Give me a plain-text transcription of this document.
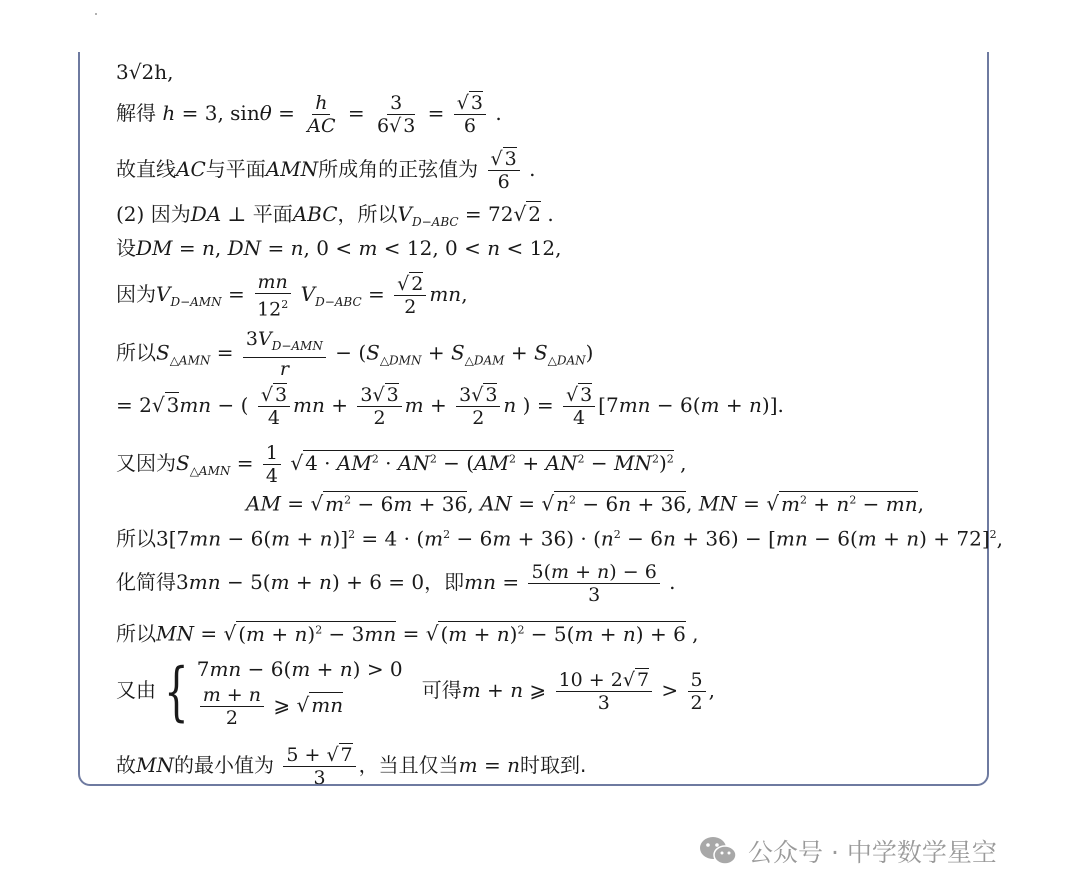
3√2h,
解得 h = 3, $\sin\theta = \frac{h}{AC} = \frac{3}{6√ 3} = \frac{√ 3}{6}$ .
故直线AC与平面AMN所成角的正弦值为 $\frac{√ 3}{6}$ .
(2) 因为DA ⊥ 平面ABC，所以$V_{D-ABC} = 72√$ 2 .
设DM = n, DN = n, 0 < m < 12, 0 < n < 12,
因为$V_{D-AMN} = \frac{mn}{12^2} V_{D-ABC} = \frac{√ 2}{2}$ mn,
所以$S_{\triangle AMN} = \frac{3V_{D-AMN}}{r} - (S_{\triangle DMN} + S_{\triangle DAM} + S_{\triangle DAN})$
= 2√ 3mn − ( $\frac{√ 3}{4}$ mn + $\frac{3√ 3}{2}$ $m + \frac{3√ 3}{2}$ n ) = $\frac{√ 3}{4} [7mn - 6(m + n)]$.
又因为$S_{\triangle AMN} = \frac{1}{4}$ √ $4 \cdot AM^2 \cdot AN^2 - (AM^2 + AN^2 - MN^2)^2$ ,
AM = √ $m^2 - 6m + 36$, AN = √ $n^2 - 6n + 36$, MN = √ $m^2 + n^2$ − mn,
所以$3[7mn - 6(m + n)]^2 = 4 \cdot (m^2 - 6m + 36) \cdot (n^2 - 6n + 36) - [mn - 6(m + n) + 72]^2$,
化简得3mn − 5(m + n) + 6 = 0，即mn = $\frac{5(m + n) - 6}{3}$ .
所以MN = √ $(m + n)^2 - 3mn$ = √ $(m + n)^2 - 5(m + n) + 6$ ,
又由 { 7mn − 6(m + n) > 0
$\frac{m + n}{2}$ ⩾ √ mn
可得m + n ⩾ $\frac{10 + 2√ 7}{3} > \frac{5}{2}$ ,
故MN的最小值为 $\frac{5 + √ 7}{3}$ ，当且仅当m = n时取到.
公众号 · 中学数学星空
